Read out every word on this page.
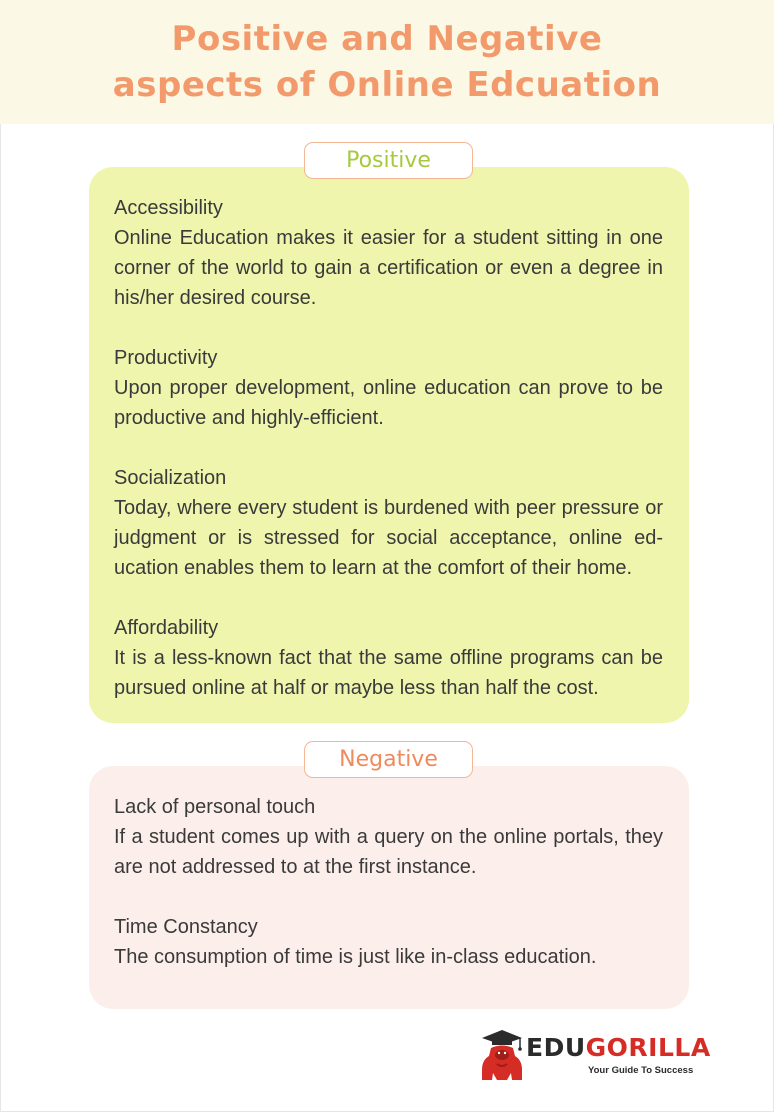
Positive and Negative
aspects of Online Edcuation
Accessibility
Online Education makes it easier for a student sitting in one corner of the world to gain a certification or even a degree in his/her desired course.
Productivity
Upon proper development, online education can prove to be productive and highly-efficient.
Socialization
Today, where every student is burdened with peer pressure or judgment or is stressed for social acceptance, online ed-ucation enables them to learn at the comfort of their home.
Affordability
It is a less-known fact that the same offline programs can be pursued online at half or maybe less than half the cost.
Positive
Lack of personal touch
If a student comes up with a query on the online portals, they are not addressed to at the first instance.
Time Constancy
The consumption of time is just like in-class education.
Negative
EDUGORILLA
Your Guide To Success
